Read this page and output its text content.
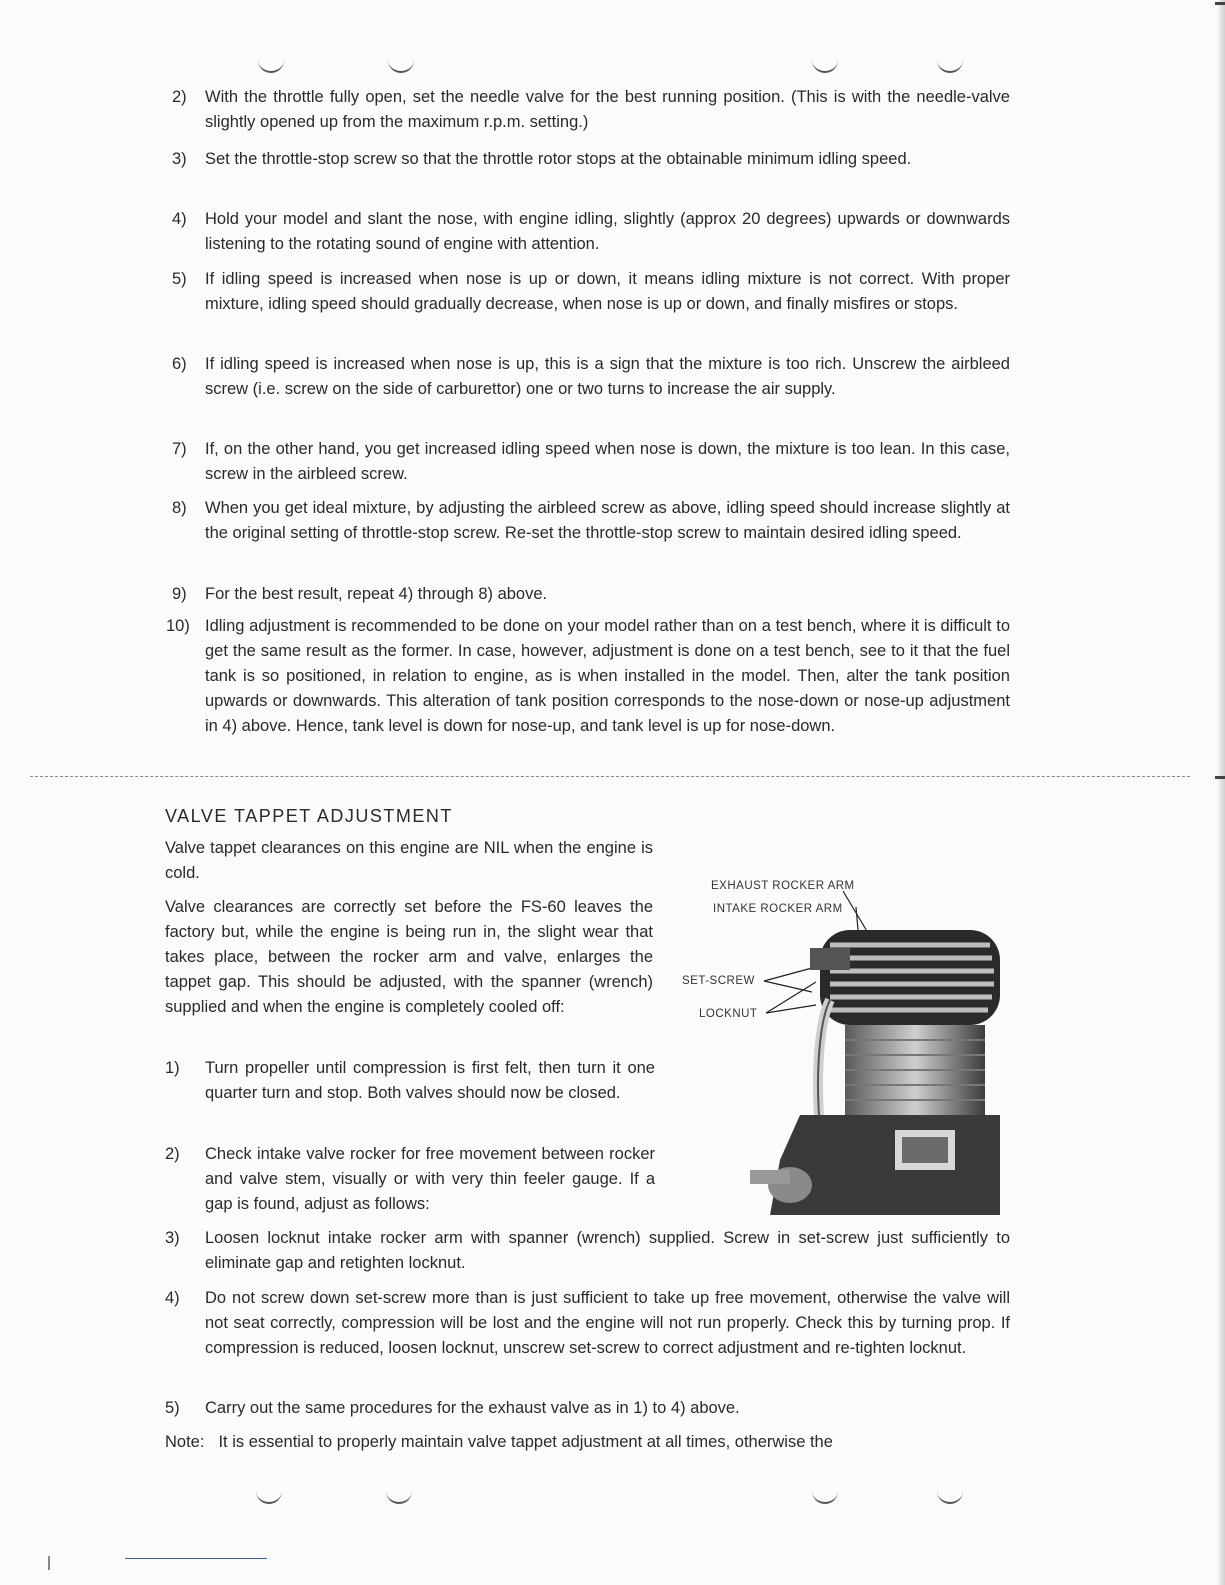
2)	With the throttle fully open, set the needle valve for the best running position. (This is with the needle-valve slightly opened up from the maximum r.p.m. setting.)
3)	Set the throttle-stop screw so that the throttle rotor stops at the obtainable minimum idling speed.
4)	Hold your model and slant the nose, with engine idling, slightly (approx 20 degrees) upwards or downwards listening to the rotating sound of engine with attention.
5)	If idling speed is increased when nose is up or down, it means idling mixture is not correct. With proper mixture, idling speed should gradually decrease, when nose is up or down, and finally misfires or stops.
6)	If idling speed is increased when nose is up, this is a sign that the mixture is too rich. Unscrew the airbleed screw (i.e. screw on the side of carburettor) one or two turns to increase the air supply.
7)	If, on the other hand, you get increased idling speed when nose is down, the mixture is too lean. In this case, screw in the airbleed screw.
8)	When you get ideal mixture, by adjusting the airbleed screw as above, idling speed should increase slightly at the original setting of throttle-stop screw. Re-set the throttle-stop screw to maintain desired idling speed.
9)	For the best result, repeat 4) through 8) above.
10) Idling adjustment is recommended to be done on your model rather than on a test bench, where it is difficult to get the same result as the former. In case, however, adjustment is done on a test bench, see to it that the fuel tank is so positioned, in relation to engine, as is when installed in the model. Then, alter the tank position upwards or downwards. This alteration of tank position corresponds to the nose-down or nose-up adjustment in 4) above. Hence, tank level is down for nose-up, and tank level is up for nose-down.
VALVE TAPPET ADJUSTMENT
Valve tappet clearances on this engine are NIL when the engine is cold.
Valve clearances are correctly set before the FS-60 leaves the factory but, while the engine is being run in, the slight wear that takes place, between the rocker arm and valve, enlarges the tappet gap. This should be adjusted, with the spanner (wrench) supplied and when the engine is completely cooled off:
1) Turn propeller until compression is first felt, then turn it one quarter turn and stop. Both valves should now be closed.
2) Check intake valve rocker for free movement between rocker and valve stem, visually or with very thin feeler gauge. If a gap is found, adjust as follows:
3) Loosen locknut intake rocker arm with spanner (wrench) supplied. Screw in set-screw just sufficiently to eliminate gap and retighten locknut.
4) Do not screw down set-screw more than is just sufficient to take up free movement, otherwise the valve will not seat correctly, compression will be lost and the engine will not run properly. Check this by turning prop. If compression is reduced, loosen locknut, unscrew set-screw to correct adjustment and re-tighten locknut.
5) Carry out the same procedures for the exhaust valve as in 1) to 4) above.
Note: It is essential to properly maintain valve tappet adjustment at all times, otherwise the
EXHAUST ROCKER ARM
INTAKE ROCKER ARM
SET-SCREW
LOCKNUT
